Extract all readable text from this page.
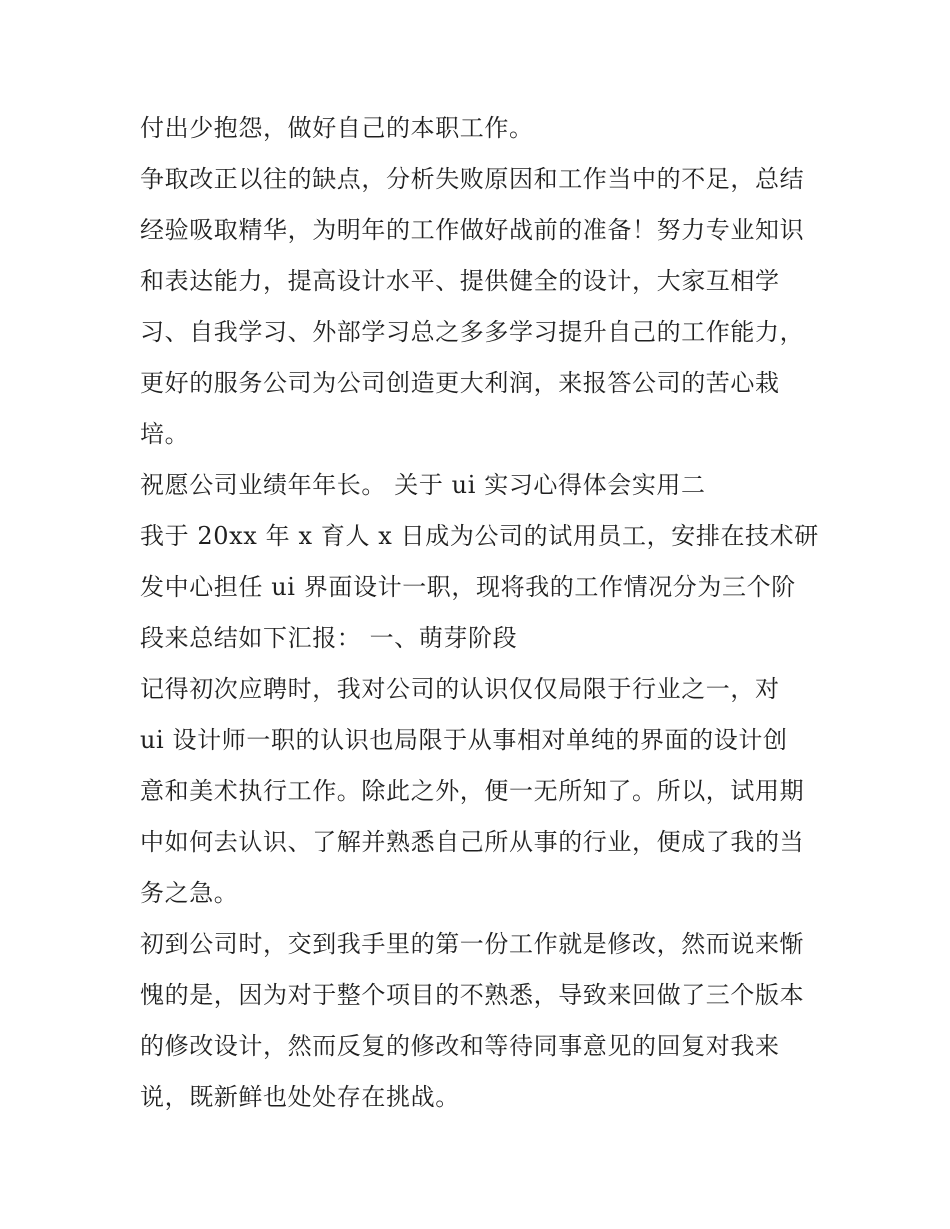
付出少抱怨，做好自己的本职工作。
争取改正以往的缺点，分析失败原因和工作当中的不足，总结
经验吸取精华，为明年的工作做好战前的准备！努力专业知识
和表达能力，提高设计水平、提供健全的设计，大家互相学
习、自我学习、外部学习总之多多学习提升自己的工作能力，
更好的服务公司为公司创造更大利润，来报答公司的苦心栽
培。
祝愿公司业绩年年长。 关于 ui 实习心得体会实用二
我于 20xx 年 x 育人 x 日成为公司的试用员工，安排在技术研
发中心担任 ui 界面设计一职，现将我的工作情况分为三个阶
段来总结如下汇报： 一、萌芽阶段
记得初次应聘时，我对公司的认识仅仅局限于行业之一，对
ui 设计师一职的认识也局限于从事相对单纯的界面的设计创
意和美术执行工作。除此之外，便一无所知了。所以，试用期
中如何去认识、了解并熟悉自己所从事的行业，便成了我的当
务之急。
初到公司时，交到我手里的第一份工作就是修改，然而说来惭
愧的是，因为对于整个项目的不熟悉，导致来回做了三个版本
的修改设计，然而反复的修改和等待同事意见的回复对我来
说，既新鲜也处处存在挑战。
